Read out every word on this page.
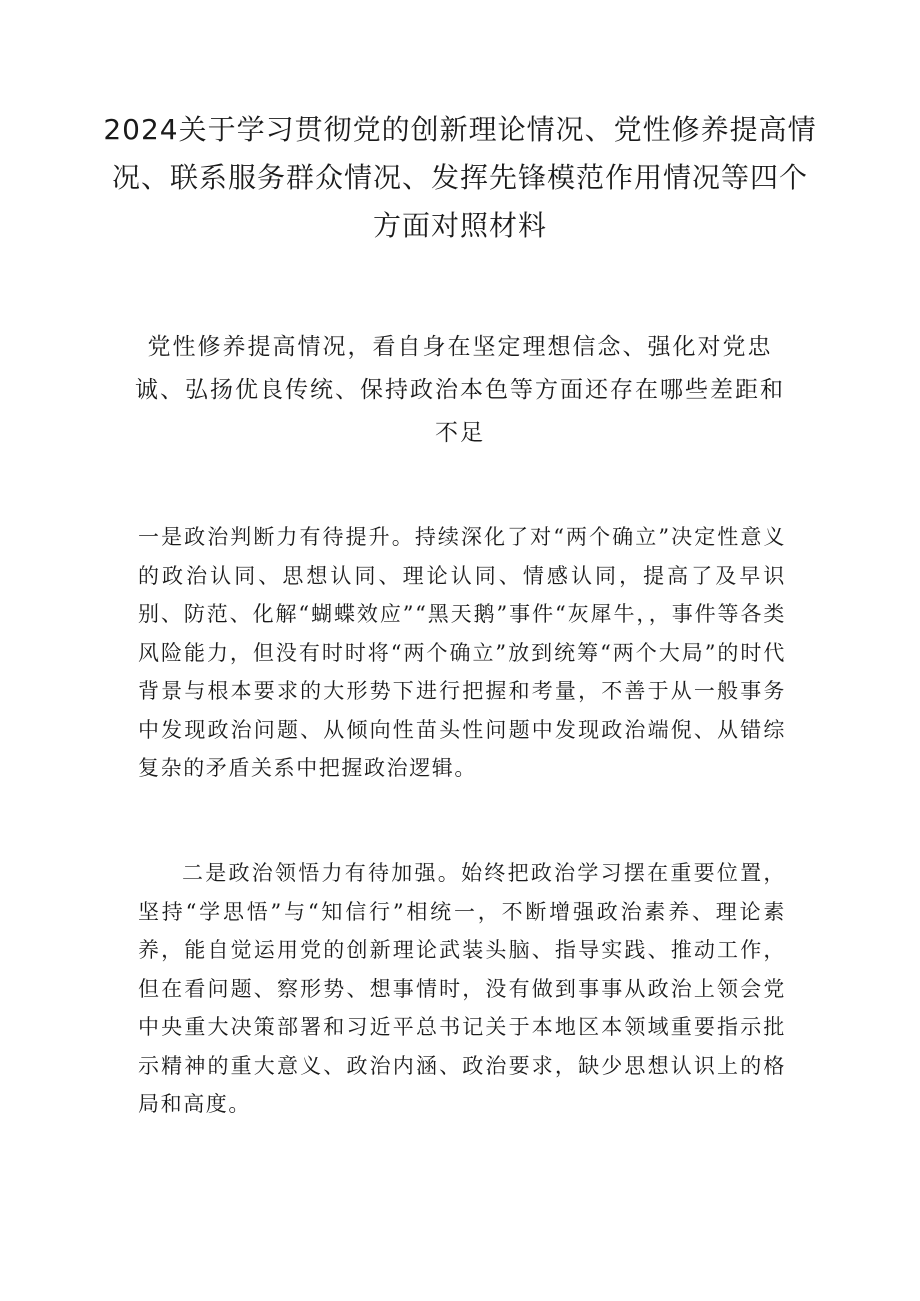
2024关于学习贯彻党的创新理论情况、党性修养提高情况、联系服务群众情况、发挥先锋模范作用情况等四个方面对照材料
党性修养提高情况，看自身在坚定理想信念、强化对党忠诚、弘扬优良传统、保持政治本色等方面还存在哪些差距和不足

一是政治判断力有待提升。持续深化了对“两个确立”决定性意义的政治认同、思想认同、理论认同、情感认同，提高了及早识别、防范、化解“蝴蝶效应”“黑天鹅”事件“灰犀牛，，事件等各类风险能力，但没有时时将“两个确立”放到统筹“两个大局”的时代背景与根本要求的大形势下进行把握和考量，不善于从一般事务中发现政治问题、从倾向性苗头性问题中发现政治端倪、从错综复杂的矛盾关系中把握政治逻辑。

二是政治领悟力有待加强。始终把政治学习摆在重要位置，坚持“学思悟”与“知信行”相统一，不断增强政治素养、理论素养，能自觉运用党的创新理论武装头脑、指导实践、推动工作，但在看问题、察形势、想事情时，没有做到事事从政治上领会党中央重大决策部署和习近平总书记关于本地区本领域重要指示批示精神的重大意义、政治内涵、政治要求，缺少思想认识上的格局和高度。
